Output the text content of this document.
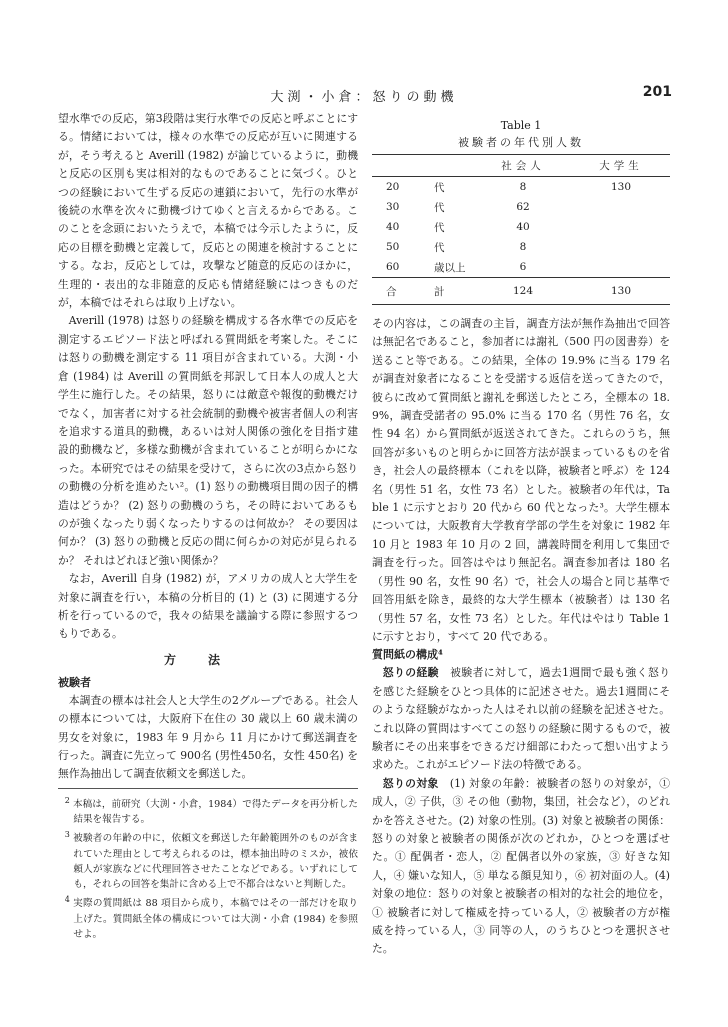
大渕・小倉：怒りの動機	201

望水準での反応，第3段階は実行水準での反応と呼ぶことにする。情緒においては，様々の水準での反応が互いに関連するが，そう考えると Averill (1982) が論じているように，動機と反応の区別も実は相対的なものであることに気づく。ひとつの経験において生ずる反応の連鎖において，先行の水準が後続の水準を次々に動機づけてゆくと言えるからである。このことを念頭においたうえで，本稿では今示したように，反応の目標を動機と定義して，反応との関連を検討することにする。なお，反応としては，攻撃など随意的反応のほかに，生理的・表出的な非随意的反応も情緒経験にはつきものだが，本稿ではそれらは取り上げない。

Averill (1978) は怒りの経験を構成する各水準での反応を測定するエピソード法と呼ばれる質問紙を考案した。そこには怒りの動機を測定する 11 項目が含まれている。大渕・小倉 (1984) は Averill の質問紙を邦訳して日本人の成人と大学生に施行した。その結果，怒りには敵意や報復的動機だけでなく，加害者に対する社会統制的動機や被害者個人の利害を追求する道具的動機，あるいは対人関係の強化を目指す建設的動機など，多様な動機が含まれていることが明らかになった。本研究ではその結果を受けて，さらに次の3点から怒りの動機の分析を進めたい²。(1) 怒りの動機項目間の因子的構造はどうか？ (2) 怒りの動機のうち，その時においてあるものが強くなったり弱くなったりするのは何故か？ その要因は何か？ (3) 怒りの動機と反応の間に何らかの対応が見られるか？ それはどれほど強い関係か？

なお，Averill 自身 (1982) が，アメリカの成人と大学生を対象に調査を行い，本稿の分析目的 (1) と (3) に関連する分析を行っているので，我々の結果を議論する際に参照するつもりである。

方法

被験者

本調査の標本は社会人と大学生の2グループである。社会人の標本については，大阪府下在住の 30 歳以上 60 歳未満の男女を対象に，1983 年 9 月から 11 月にかけて郵送調査を行った。調査に先立って 900名 (男性450名，女性 450名) を無作為抽出して調査依頼文を郵送した。

$^2$ 本稿は，前研究（大渕・小倉，1984）で得たデータを再分析した結果を報告する。

$^3$ 被験者の年齢の中に，依頼文を郵送した年齢範囲外のものが含まれていた理由として考えられるのは，標本抽出時のミスか，被依頼人が家族などに代理回答させたことなどである。いずれにしても，それらの回答を集計に含める上で不都合はないと判断した。

$^4$ 実際の質問紙は 88 項目から成り，本稿ではその一部だけを取り上げた。質問紙全体の構成については大渕・小倉 (1984) を参照せよ。

Table 1
被験者の年代別人数
		社会人	大学生
20	代	8	130
30	代	62	
40	代	40	
50	代	8	
60	歳以上	6	
合	計	124	130

その内容は，この調査の主旨，調査方法が無作為抽出で回答は無記名であること，参加者には謝礼（500 円の図書券）を送ること等である。この結果，全体の 19.9% に当る 179 名が調査対象者になることを受諾する返信を送ってきたので，彼らに改めて質問紙と謝礼を郵送したところ，全標本の 18.9%，調査受諾者の 95.0% に当る 170 名（男性 76 名，女性 94 名）から質問紙が返送されてきた。これらのうち，無回答が多いものと明らかに回答方法が誤まっているものを省き，社会人の最終標本（これを以降，被験者と呼ぶ）を 124 名（男性 51 名，女性 73 名）とした。被験者の年代は，Table 1 に示すとおり 20 代から 60 代となった³。大学生標本については，大阪教育大学教育学部の学生を対象に 1982 年 10 月と 1983 年 10 月の 2 回，講義時間を利用して集団で調査を行った。回答はやはり無記名。調査参加者は 180 名（男性 90 名，女性 90 名）で，社会人の場合と同じ基準で回答用紙を除き，最終的な大学生標本（被験者）は 130 名（男性 57 名，女性 73 名）とした。年代はやはり Table 1 に示すとおり，すべて 20 代である。

質問紙の構成⁴

怒りの経験　 被験者に対して，過去1週間で最も強く怒りを感じた経験をひとつ具体的に記述させた。過去1週間にそのような経験がなかった人はそれ以前の経験を記述させた。これ以降の質問はすべてこの怒りの経験に関するもので，被験者にその出来事をできるだけ細部にわたって想い出すよう求めた。これがエピソード法の特徴である。

怒りの対象　 (1) 対象の年齢：被験者の怒りの対象が，① 成人，② 子供，③ その他（動物，集団，社会など），のどれかを答えさせた。(2) 対象の性別。(3) 対象と被験者の関係：怒りの対象と被験者の関係が次のどれか，ひとつを選ばせた。① 配偶者・恋人，② 配偶者以外の家族，③ 好きな知人，④ 嫌いな知人，⑤ 単なる顔見知り，⑥ 初対面の人。(4) 対象の地位：怒りの対象と被験者の相対的な社会的地位を，① 被験者に対して権威を持っている人，② 被験者の方が権威を持っている人，③ 同等の人，のうちひとつを選択させた。
